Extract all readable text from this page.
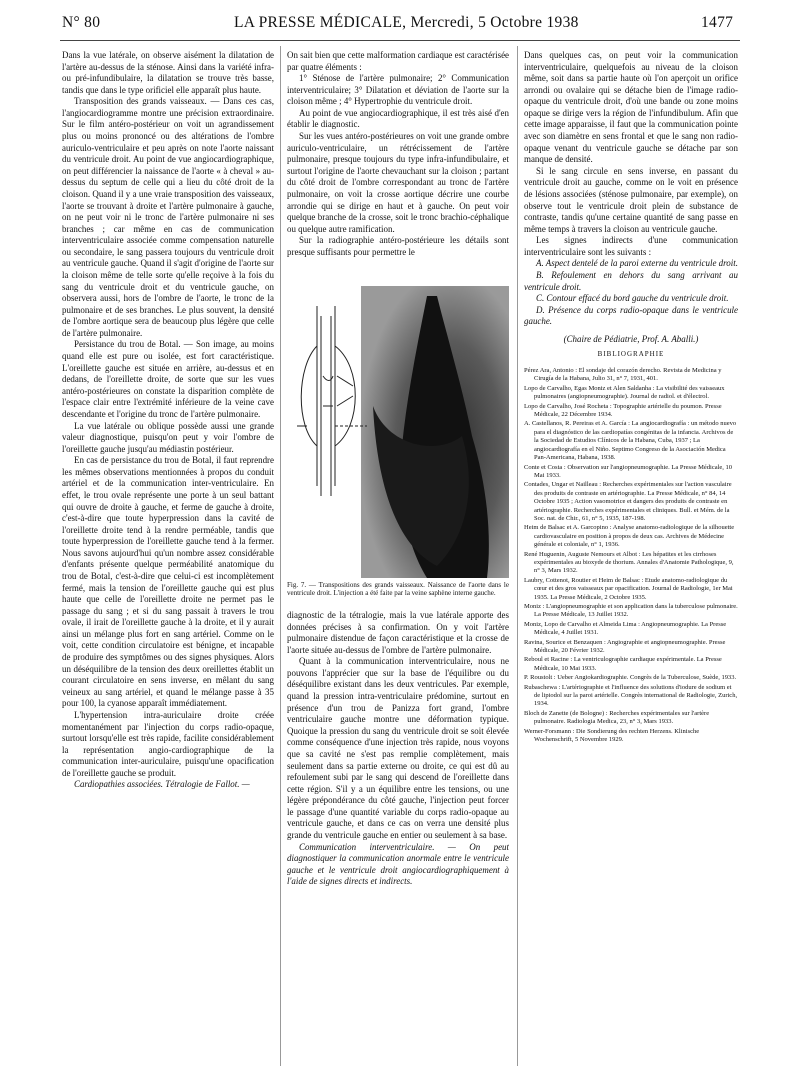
N° 80	LA PRESSE MÉDICALE, Mercredi, 5 Octobre 1938	1477

Dans la vue latérale, on observe aisément la dilatation de l'artère au-dessus de la sténose. Ainsi dans la variété infra- ou pré-infundibulaire, la dilatation se trouve très basse, tandis que dans le type orificiel elle apparaît plus haute.

Transposition des grands vaisseaux. — Dans ces cas, l'angiocardiogramme montre une précision extraordinaire. Sur le film antéro-postérieur on voit un agrandissement plus ou moins prononcé ou des altérations de l'ombre auriculo-ventriculaire et peu après on note l'aorte naissant du ventricule droit. Au point de vue angiocardiographique, on peut différencier la naissance de l'aorte « à cheval » au-dessus du septum de celle qui a lieu du côté droit de la cloison. Quand il y a une vraie transposition des vaisseaux, l'aorte se trouvant à droite et l'artère pulmonaire à gauche, on ne peut voir ni le tronc de l'artère pulmonaire ni ses branches ; car même en cas de communication interventriculaire associée comme compensation naturelle ou secondaire, le sang passera toujours du ventricule droit au ventricule gauche. Quand il s'agit d'origine de l'aorte sur la cloison même de telle sorte qu'elle reçoive à la fois du sang du ventricule droit et du ventricule gauche, on observera aussi, hors de l'ombre de l'aorte, le tronc de la pulmonaire et de ses branches. Le plus souvent, la densité de l'ombre aortique sera de beaucoup plus légère que celle de l'artère pulmonaire.

Persistance du trou de Botal. — Son image, au moins quand elle est pure ou isolée, est fort caractéristique. L'oreillette gauche est située en arrière, au-dessus et en dedans, de l'oreillette droite, de sorte que sur les vues antéro-postérieures on constate la disparition complète de l'espace clair entre l'extrémité inférieure de la veine cave descendante et l'origine du tronc de l'artère pulmonaire.

La vue latérale ou oblique possède aussi une grande valeur diagnostique, puisqu'on peut y voir l'ombre de l'oreillette gauche jusqu'au médiastin postérieur.

En cas de persistance du trou de Botal, il faut reprendre les mêmes observations mentionnées à propos du conduit artériel et de la communication inter-ventriculaire. En effet, le trou ovale représente une porte à un seul battant qui ouvre de droite à gauche, et ferme de gauche à droite, c'est-à-dire que toute hyperpression dans la cavité de l'oreillette droite tend à la rendre perméable, tandis que toute hyperpression de l'oreillette gauche tend à la fermer. Nous savons aujourd'hui qu'un nombre assez considérable d'enfants présente quelque perméabilité anatomique du trou de Botal, c'est-à-dire que celui-ci est incomplètement fermé, mais la tension de l'oreillette gauche qui est plus haute que celle de l'oreillette droite ne permet pas le passage du sang ; et si du sang passait à travers le trou ovale, il irait de l'oreillette gauche à la droite, et il y aurait ainsi un mélange plus fort en sang artériel. Comme on le voit, cette condition circulatoire est bénigne, et incapable de produire des symptômes ou des signes physiques. Alors un déséquilibre de la tension des deux oreillettes établit un courant circulatoire en sens inverse, en mêlant du sang veineux au sang artériel, et quand le mélange passe à 35 pour 100, la cyanose apparaît immédiatement.

L'hypertension intra-auriculaire droite créée momentanément par l'injection du corps radio-opaque, surtout lorsqu'elle est très rapide, facilite considérablement la représentation angio-cardiographique de la communication inter-auriculaire, puisqu'une opacification de l'oreillette gauche se produit.

Cardiopathies associées. Tétralogie de Fallot. —

On sait bien que cette malformation cardiaque est caractérisée par quatre éléments :

1° Sténose de l'artère pulmonaire; 2° Communication interventriculaire; 3° Dilatation et déviation de l'aorte sur la cloison même ; 4° Hypertrophie du ventricule droit.

Au point de vue angiocardiographique, il est très aisé d'en établir le diagnostic.

Sur les vues antéro-postérieures on voit une grande ombre auriculo-ventriculaire, un rétrécissement de l'artère pulmonaire, presque toujours du type infra-infundibulaire, et surtout l'origine de l'aorte chevauchant sur la cloison ; partant du côté droit de l'ombre correspondant au tronc de l'artère pulmonaire, on voit la crosse aortique décrire une courbe arrondie qui se dirige en haut et à gauche. On peut voir quelque branche de la crosse, soit le tronc brachio-céphalique ou quelque autre ramification.

Sur la radiographie antéro-postérieure les détails sont presque suffisants pour permettre le

Fig. 7. — Transpositions des grands vaisseaux. Naissance de l'aorte dans le ventricule droit. L'injection a été faite par la veine saphène interne gauche.

diagnostic de la tétralogie, mais la vue latérale apporte des données précises à sa confirmation. On y voit l'artère pulmonaire distendue de façon caractéristique et la crosse de l'aorte située au-dessus de l'ombre de l'artère pulmonaire.

Quant à la communication interventriculaire, nous ne pouvons l'apprécier que sur la base de l'équilibre ou du déséquilibre existant dans les deux ventricules. Par exemple, quand la pression intra-ventriculaire prédomine, surtout en présence d'un trou de Panizza fort grand, l'ombre ventriculaire gauche montre une déformation typique. Quoique la pression du sang du ventricule droit se soit élevée comme conséquence d'une injection très rapide, nous voyons que sa cavité ne s'est pas remplie complètement, mais seulement dans sa partie externe ou droite, ce qui est dû au refoulement subi par le sang qui descend de l'oreillette dans cette région. S'il y a un équilibre entre les tensions, ou une légère prépondérance du côté gauche, l'injection peut forcer le passage d'une quantité variable du corps radio-opaque au ventricule gauche, et dans ce cas on verra une densité plus grande du ventricule gauche en entier ou seulement à sa base.

Communication interventriculaire. — On peut diagnostiquer la communication anormale entre le ventricule gauche et le ventricule droit angiocardiographiquement à l'aide de signes directs et indirects.

Dans quelques cas, on peut voir la communication interventriculaire, quelquefois au niveau de la cloison même, soit dans sa partie haute où l'on aperçoit un orifice arrondi ou ovalaire qui se détache bien de l'image radio-opaque du ventricule droit, d'où une bande ou zone moins opaque se dirige vers la région de l'infundibulum. Afin que cette image apparaisse, il faut que la communication pointe avec son diamètre en sens frontal et que le sang non radio-opaque venant du ventricule gauche se détache par son manque de densité.

Si le sang circule en sens inverse, en passant du ventricule droit au gauche, comme on le voit en présence de lésions associées (sténose pulmonaire, par exemple), on observe tout le ventricule droit plein de substance de contraste, tandis qu'une certaine quantité de sang passe en même temps à travers la cloison au ventricule gauche.

Les signes indirects d'une communication interventriculaire sont les suivants :

A. Aspect dentelé de la paroi externe du ventricule droit.

B. Refoulement en dehors du sang arrivant au ventricule droit.

C. Contour effacé du bord gauche du ventricule droit.

D. Présence du corps radio-opaque dans le ventricule gauche.

(Chaire de Pédiatrie, Prof. A. Aballi.)

BIBLIOGRAPHIE

Pérez Ara, Antonio : El sondaje del corazón derecho. Revista de Medicina y Cirugía de la Habana, Julio 31, n° 7, 1931, 401.

Lopo de Carvalho, Egas Moniz et Alen Saldanha : La visibilité des vaisseaux pulmonaires (angiopneumographie). Journal de radiol. et d'électrol.

Lopo de Carvalho, José Rocheta : Topographie artérielle du poumon. Presse Médicale, 22 Décembre 1934.

A. Castellanos, R. Pereiras et A. García : La angiocardiografía : un método nuevo para el diagnóstico de las cardiopatías congénitas de la infancia. Archivos de la Sociedad de Estudios Clínicos de la Habana, Cuba, 1937 ; La angiocardiografía en el Niño. Septimo Congreso de la Asociación Medica Pan-Americana, Habana, 1938.

Conte et Costa : Observation sur l'angiopneumographie. La Presse Médicale, 10 Mai 1933.

Contades, Ungar et Nailleau : Recherches expérimentales sur l'action vasculaire des produits de contraste en artériographie. La Presse Médicale, n° 84, 14 Octobre 1935 ; Action vasomotrice et dangers des produits de contraste en artériographie. Recherches expérimentales et cliniques. Bull. et Mém. de la Soc. nat. de Chir., 61, n° 5, 1935, 187-198.

Heim de Balsac et A. Garcopino : Analyse anatomo-radiologique de la silhouette cardiovasculaire en position à propos de deux cas. Archives de Médecine générale et coloniale, n° 1, 1936.

René Huguenin, Auguste Nemours et Albot : Les hépatites et les cirrhoses expérimentales au bioxyde de thorium. Annales d'Anatomie Pathologique, 9, n° 3, Mars 1932.

Laubry, Cottenot, Routier et Heim de Balsac : Etude anatomo-radiologique du cœur et des gros vaisseaux par opacification. Journal de Radiologie, 1er Mai 1935. La Presse Médicale, 2 Octobre 1935.

Moniz : L'angiopneumographie et son application dans la tuberculose pulmonaire. La Presse Médicale, 13 Juillet 1932.

Moniz, Lopo de Carvalho et Almeida Lima : Angiopneumographie. La Presse Médicale, 4 Juillet 1931.

Ravina, Sourice et Benzaquen : Angiographie et angiopneumographie. Presse Médicale, 20 Février 1932.

Reboul et Racine : La ventriculographie cardiaque expérimentale. La Presse Médicale, 10 Mai 1933.

P. Roustolt : Ueber Angiokardiographie. Congrès de la Tuberculose, Suède, 1933.

Rubaschewa : L'artériographie et l'influence des solutions d'iodure de sodium et de lipiodol sur la paroi artérielle. Congrès international de Radiologie, Zurich, 1934.

Bloch de Zanette (de Bologne) : Recherches expérimentales sur l'artère pulmonaire. Radiologia Medica, 23, n° 3, Mars 1933.

Werner-Forsmann : Die Sondierung des rechten Herzens. Klinische Wochenschrift, 5 Novembre 1929.
